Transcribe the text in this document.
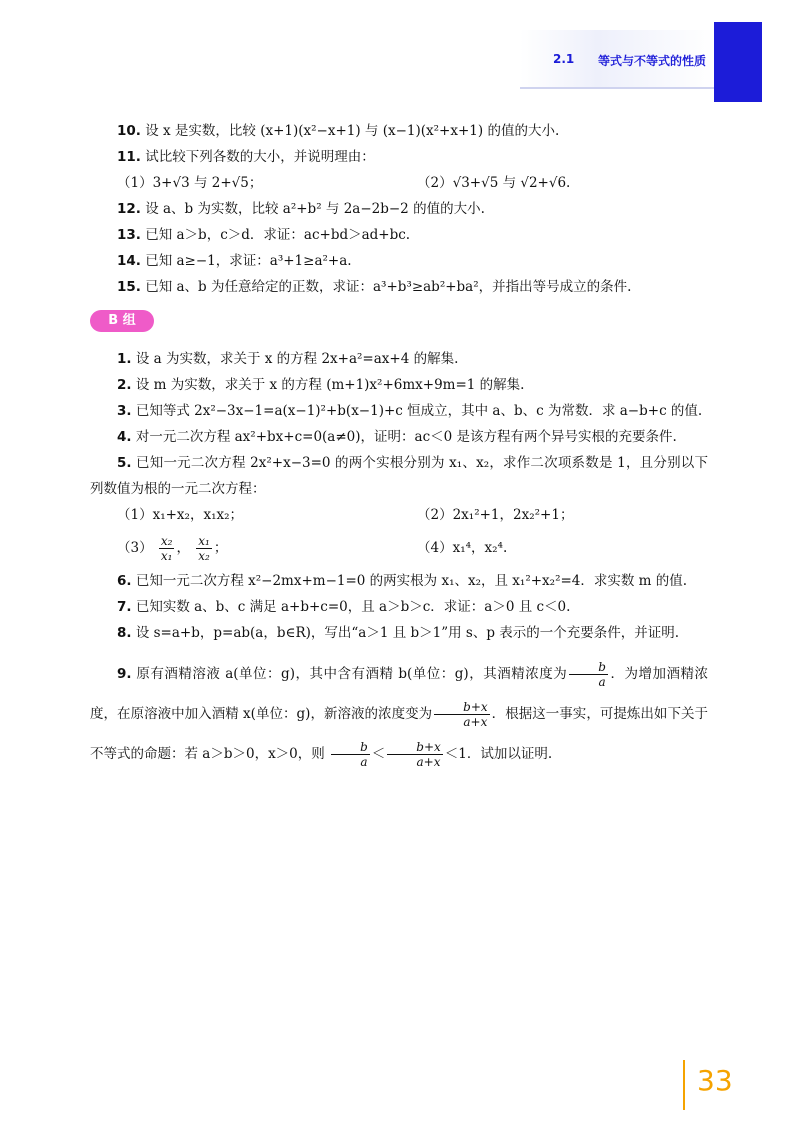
2.1 等式与不等式的性质

10. 设 x 是实数，比较 (x+1)(x²−x+1) 与 (x−1)(x²+x+1) 的值的大小.

11. 试比较下列各数的大小，并说明理由：

（1）3+√3 与 2+√5；	（2）√3+√5 与 √2+√6.

12. 设 a、b 为实数，比较 a²+b² 与 2a−2b−2 的值的大小.

13. 已知 a＞b，c＞d．求证：ac+bd＞ad+bc.

14. 已知 a≥−1，求证：a³+1≥a²+a.

15. 已知 a、b 为任意给定的正数，求证：a³+b³≥ab²+ba²，并指出等号成立的条件.

B 组

1. 设 a 为实数，求关于 x 的方程 2x+a²=ax+4 的解集.

2. 设 m 为实数，求关于 x 的方程 (m+1)x²+6mx+9m=1 的解集.

3. 已知等式 2x²−3x−1=a(x−1)²+b(x−1)+c 恒成立，其中 a、b、c 为常数．求 a−b+c 的值.

4. 对一元二次方程 ax²+bx+c=0(a≠0)，证明：ac＜0 是该方程有两个异号实根的充要条件.

5. 已知一元二次方程 2x²+x−3=0 的两个实根分别为 x₁、x₂，求作二次项系数是 1，且分别以下列数值为根的一元二次方程：

（1）x₁+x₂，x₁x₂；	（2）2x₁²+1，2x₂²+1；
$(3) \frac{\text{x₂}}{\text{x₁}}$ ， $\frac{\text{x₁}}{\text{x₂}}$ ；	（4）x₁⁴，x₂⁴.

6. 已知一元二次方程 x²−2mx+m−1=0 的两实根为 x₁、x₂，且 x₁²+x₂²=4．求实数 m 的值.

7. 已知实数 a、b、c 满足 a+b+c=0，且 a＞b＞c．求证：a＞0 且 c＜0.

8. 设 s=a+b，p=ab(a，b∈R)，写出“a＞1 且 b＞1”用 s、p 表示的一个充要条件，并证明.

9. 原有酒精溶液 a(单位：g)，其中含有酒精 b(单位：g)，其酒精浓度为 $\frac{b}{a}$ ．为增加酒精浓度，在原溶液中加入酒精 x(单位：g)，新溶液的浓度变为 $\frac{b+x}{a+x}$ ．根据这一事实，可提炼出如下关于不等式的命题：若 a＞b＞0，x＞0，则 $\frac{b}{a} < \frac{b+x}{a+x} <1$．试加以证明.

33
